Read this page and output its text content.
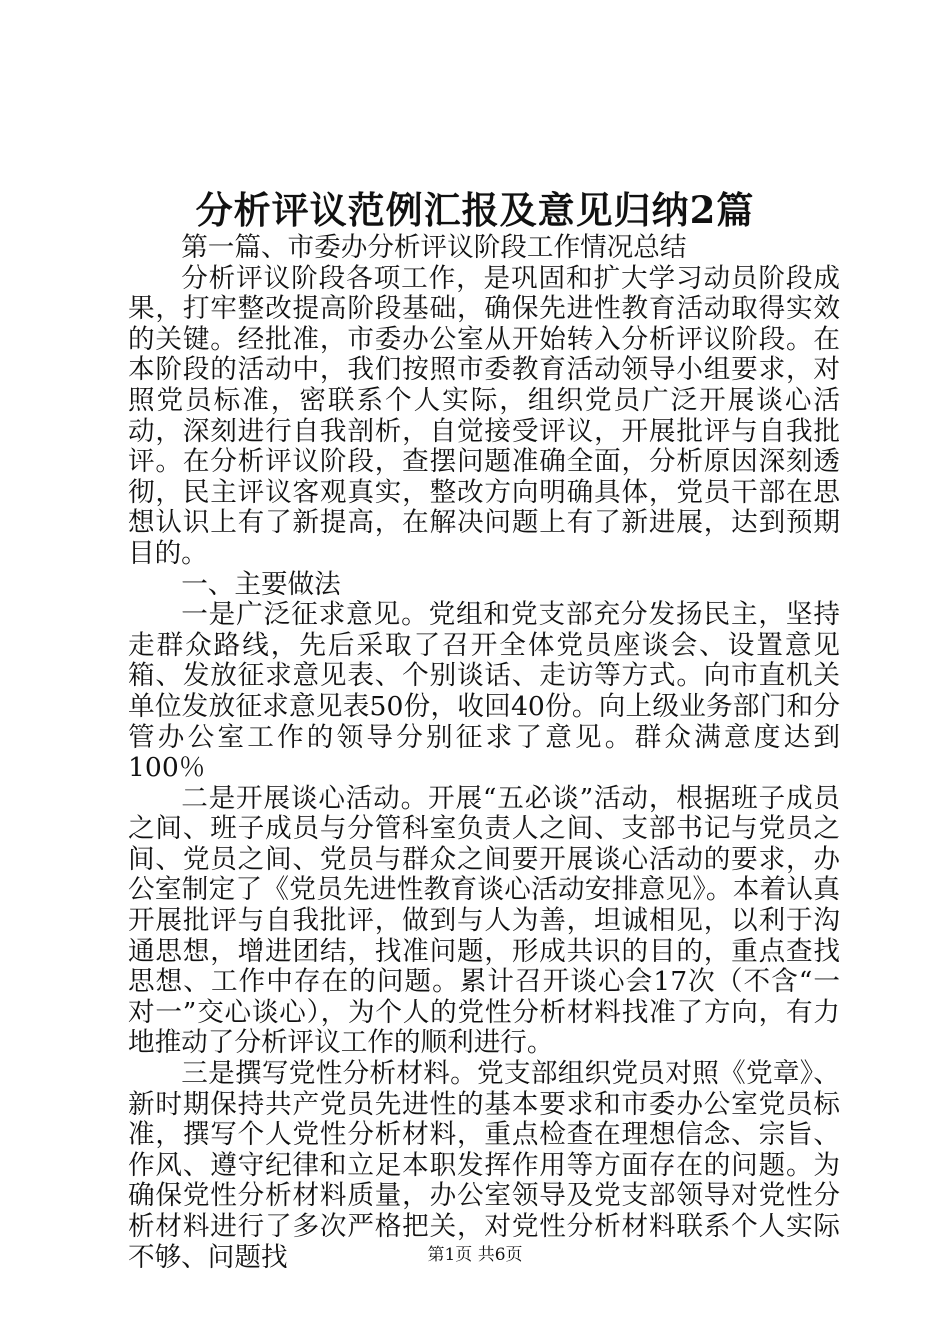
分析评议范例汇报及意见归纳2篇

第一篇、市委办分析评议阶段工作情况总结

分析评议阶段各项工作，是巩固和扩大学习动员阶段成果，打牢整改提高阶段基础，确保先进性教育活动取得实效的关键。经批准，市委办公室从开始转入分析评议阶段。在本阶段的活动中，我们按照市委教育活动领导小组要求，对照党员标准，密联系个人实际，组织党员广泛开展谈心活动，深刻进行自我剖析，自觉接受评议，开展批评与自我批评。在分析评议阶段，查摆问题准确全面，分析原因深刻透彻，民主评议客观真实，整改方向明确具体，党员干部在思想认识上有了新提高，在解决问题上有了新进展，达到预期目的。

一、主要做法

一是广泛征求意见。党组和党支部充分发扬民主，坚持走群众路线，先后采取了召开全体党员座谈会、设置意见箱、发放征求意见表、个别谈话、走访等方式。向市直机关单位发放征求意见表50份，收回40份。向上级业务部门和分管办公室工作的领导分别征求了意见。群众满意度达到100％

二是开展谈心活动。开展“五必谈”活动，根据班子成员之间、班子成员与分管科室负责人之间、支部书记与党员之间、党员之间、党员与群众之间要开展谈心活动的要求，办公室制定了《党员先进性教育谈心活动安排意见》。本着认真开展批评与自我批评，做到与人为善，坦诚相见，以利于沟通思想，增进团结，找准问题，形成共识的目的，重点查找思想、工作中存在的问题。累计召开谈心会17次（不含“一对一”交心谈心），为个人的党性分析材料找准了方向，有力地推动了分析评议工作的顺利进行。

三是撰写党性分析材料。党支部组织党员对照《党章》、新时期保持共产党员先进性的基本要求和市委办公室党员标准，撰写个人党性分析材料，重点检查在理想信念、宗旨、作风、遵守纪律和立足本职发挥作用等方面存在的问题。为确保党性分析材料质量，办公室领导及党支部领导对党性分析材料进行了多次严格把关，对党性分析材料联系个人实际不够、问题找	第1页 共6页
